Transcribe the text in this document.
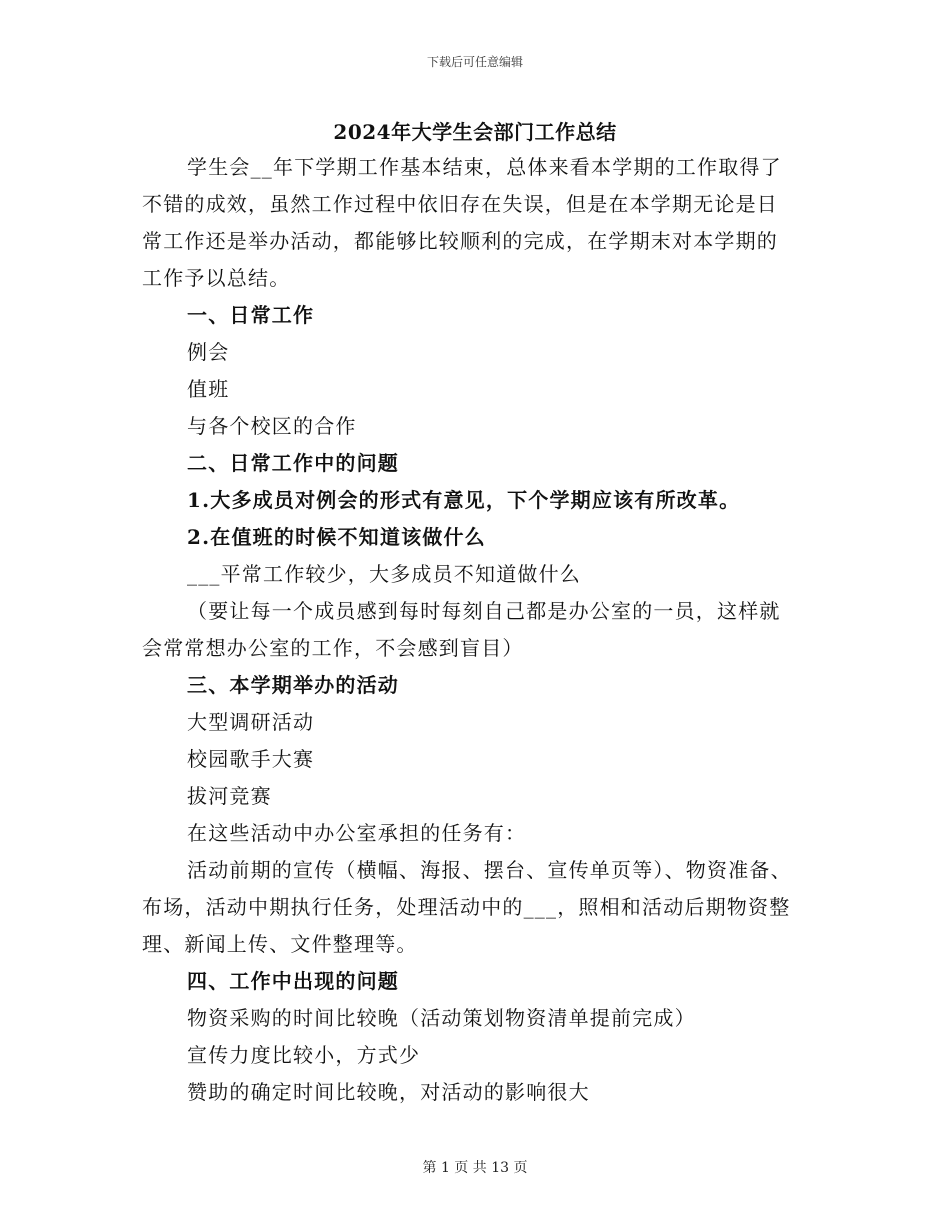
下载后可任意编辑
2024年大学生会部门工作总结
学生会__年下学期工作基本结束，总体来看本学期的工作取得了
不错的成效，虽然工作过程中依旧存在失误，但是在本学期无论是日
常工作还是举办活动，都能够比较顺利的完成，在学期末对本学期的
工作予以总结。
一、日常工作
例会
值班
与各个校区的合作
二、日常工作中的问题
1.大多成员对例会的形式有意见，下个学期应该有所改革。
2.在值班的时候不知道该做什么
___平常工作较少，大多成员不知道做什么
（要让每一个成员感到每时每刻自己都是办公室的一员，这样就
会常常想办公室的工作，不会感到盲目）
三、本学期举办的活动
大型调研活动
校园歌手大赛
拔河竞赛
在这些活动中办公室承担的任务有：
活动前期的宣传（横幅、海报、摆台、宣传单页等）、物资准备、
布场，活动中期执行任务，处理活动中的___，照相和活动后期物资整
理、新闻上传、文件整理等。
四、工作中出现的问题
物资采购的时间比较晚（活动策划物资清单提前完成）
宣传力度比较小，方式少
赞助的确定时间比较晚，对活动的影响很大
第 1 页 共 13 页
